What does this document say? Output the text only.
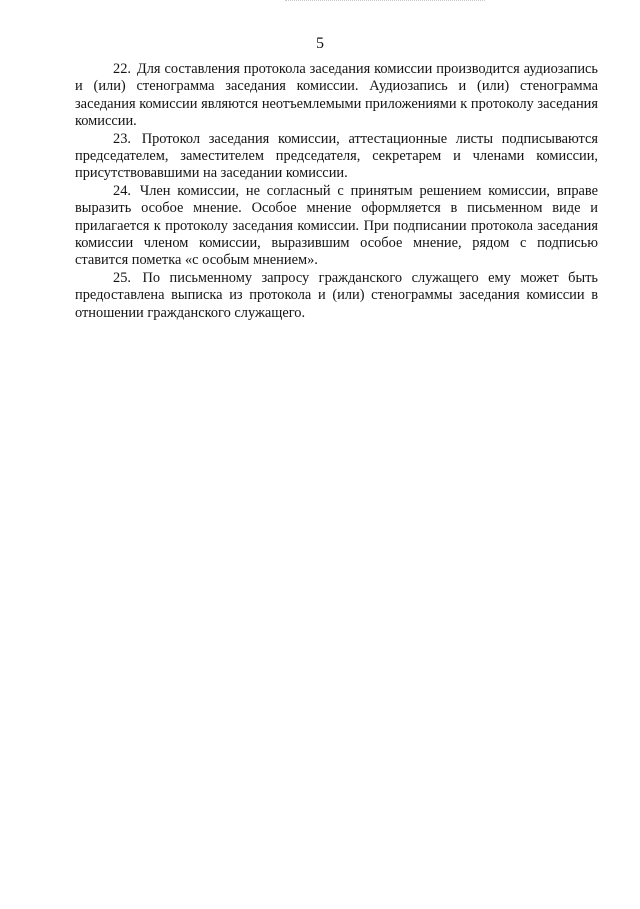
5

22. Для составления протокола заседания комиссии производится аудиозапись и (или) стенограмма заседания комиссии. Аудиозапись и (или) стенограмма заседания комиссии являются неотъемлемыми приложениями к протоколу заседания комиссии.

23. Протокол заседания комиссии, аттестационные листы подписываются председателем, заместителем председателя, секретарем и членами комиссии, присутствовавшими на заседании комиссии.

24. Член комиссии, не согласный с принятым решением комиссии, вправе выразить особое мнение. Особое мнение оформляется в письменном виде и прилагается к протоколу заседания комиссии. При подписании протокола заседания комиссии членом комиссии, выразившим особое мнение, рядом с подписью ставится пометка «с особым мнением».

25. По письменному запросу гражданского служащего ему может быть предоставлена выписка из протокола и (или) стенограммы заседания комиссии в отношении гражданского служащего.
